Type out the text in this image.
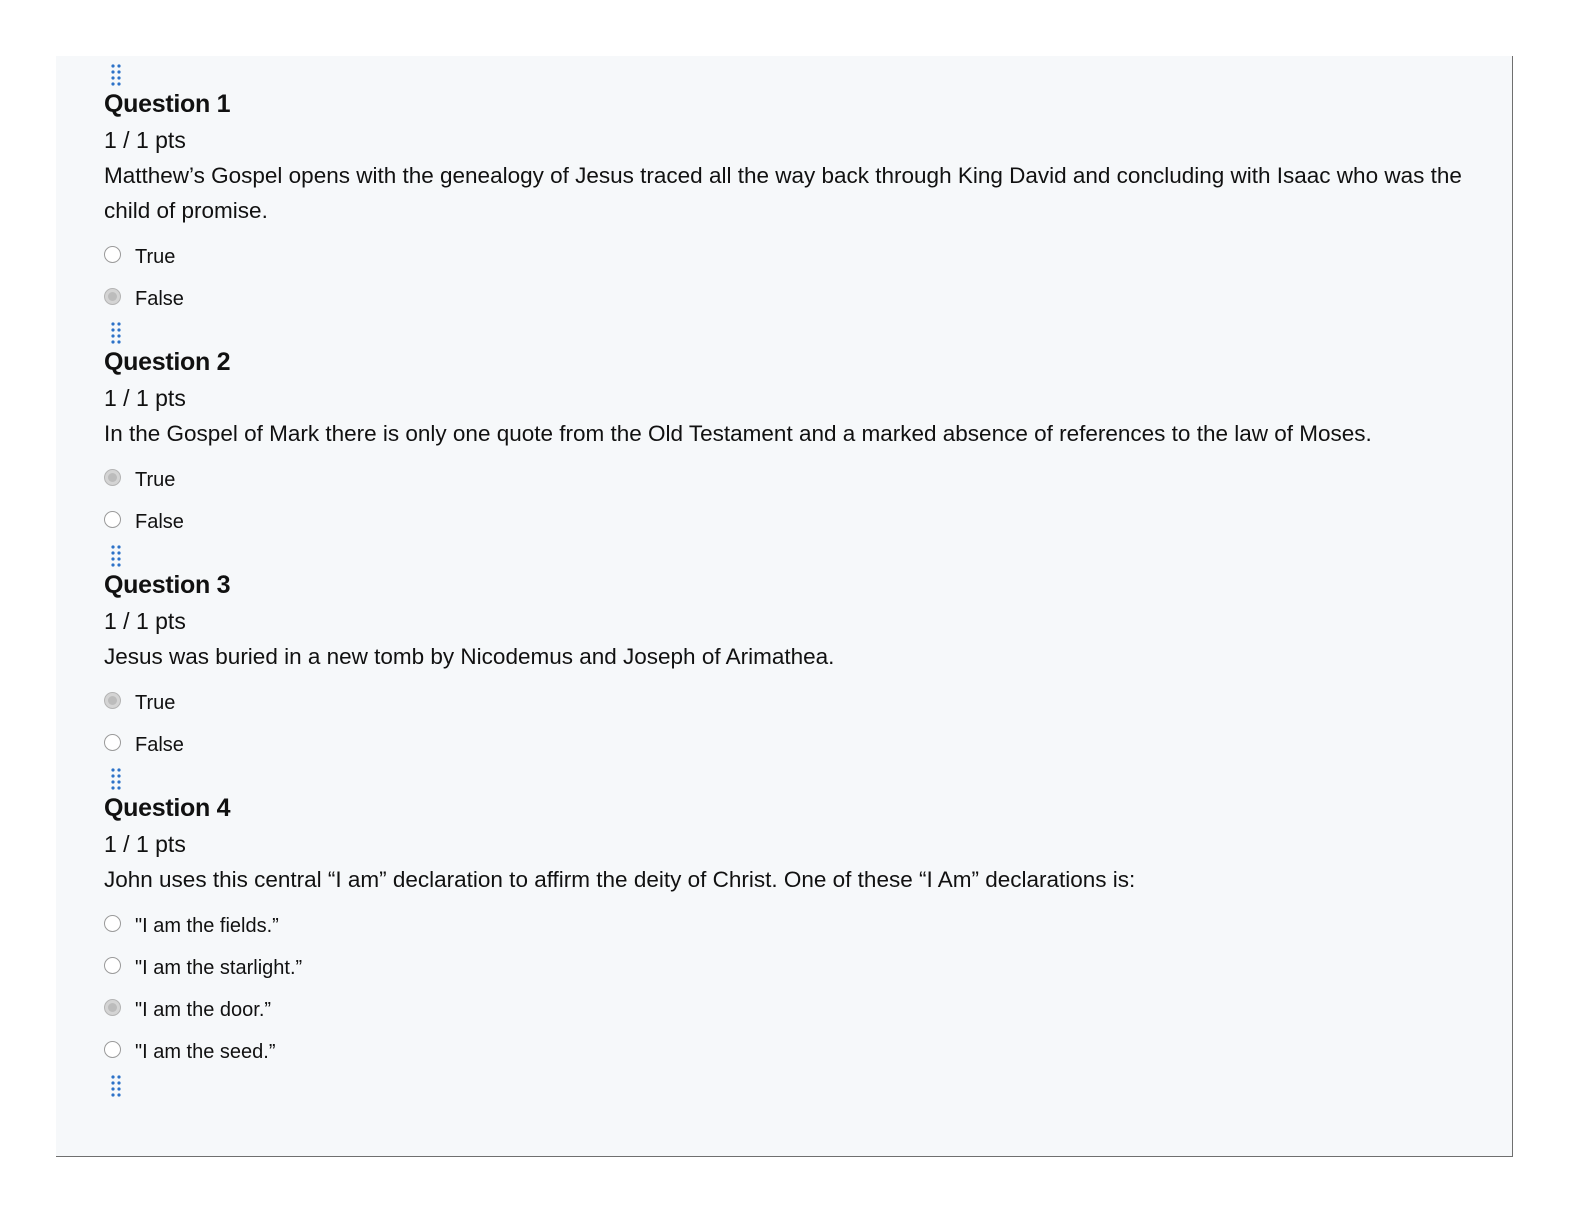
Question 1
1 / 1 pts
Matthew’s Gospel opens with the genealogy of Jesus traced all the way back through King David and concluding with Isaac who was the child of promise.
True
False
Question 2
1 / 1 pts
In the Gospel of Mark there is only one quote from the Old Testament and a marked absence of references to the law of Moses.
True
False
Question 3
1 / 1 pts
Jesus was buried in a new tomb by Nicodemus and Joseph of Arimathea.
True
False
Question 4
1 / 1 pts
John uses this central “I am” declaration to affirm the deity of Christ. One of these “I Am” declarations is:
"I am the fields.”
"I am the starlight.”
"I am the door.”
"I am the seed.”
